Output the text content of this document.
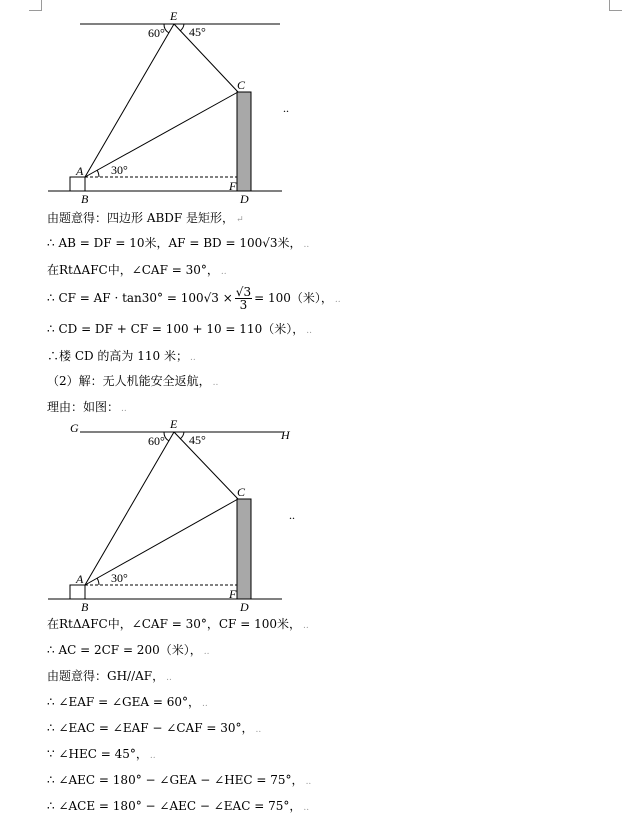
E
60° 45°
C
A 30°
F
B	D
..
由题意得：四边形 ABDF 是矩形， ↵
∴ AB = DF = 10米，AF = BD = 100√3米， ..
在RtΔAFC中，∠CAF = 30°， ..
∴ CF = AF · $\tan 30^\circ = 100√3 \times \frac{√3}{3} = 100$（米）， ..
∴ CD = DF + CF = 100 + 10 = 110（米）， ..
∴楼 CD 的高为 110 米； ..
（2）解：无人机能安全返航， ..
理由：如图： ..
G	H
E
60° 45°
C
A 30°
F
B	D
..
在RtΔAFC中，∠CAF = 30°，CF = 100米， ..
∴ AC = 2CF = 200（米）， ..
由题意得：GH//AF， ..
∴ ∠EAF = ∠GEA = 60°， ..
∴ ∠EAC = ∠EAF − ∠CAF = 30°， ..
∵ ∠HEC = 45°， ..
∴ ∠AEC = 180° − ∠GEA − ∠HEC = 75°， ..
∴ ∠ACE = 180° − ∠AEC − ∠EAC = 75°， ..
